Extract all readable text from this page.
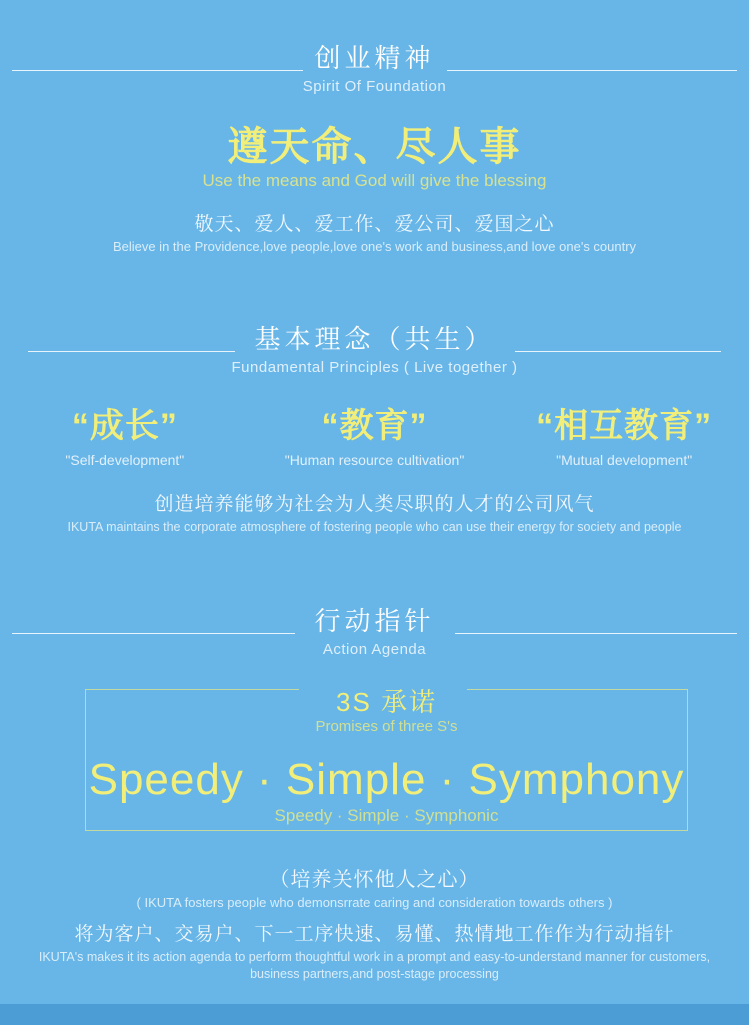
创业精神
Spirit Of Foundation
遵天命、尽人事
Use the means and God will give the blessing
敬天、爱人、爱工作、爱公司、爱国之心
Believe in the Providence,love people,love one's work and business,and love one's country
基本理念（共生）
Fundamental Principles ( Live together )
“成长”
"Self-development"
“教育”
"Human resource cultivation"
“相互教育”
"Mutual development"
创造培养能够为社会为人类尽职的人才的公司风气
IKUTA maintains the corporate atmosphere of fostering people who can use their energy for society and people
行动指针
Action Agenda
3S 承诺
Promises of three S's
Speedy · Simple · Symphony
Speedy · Simple · Symphonic
（培养关怀他人之心）
( IKUTA fosters people who demonsrrate caring and consideration towards others )
将为客户、交易户、下一工序快速、易懂、热情地工作作为行动指针
IKUTA's makes it its action agenda to perform thoughtful work in a prompt and easy-to-understand manner for customers, business partners,and post-stage processing
